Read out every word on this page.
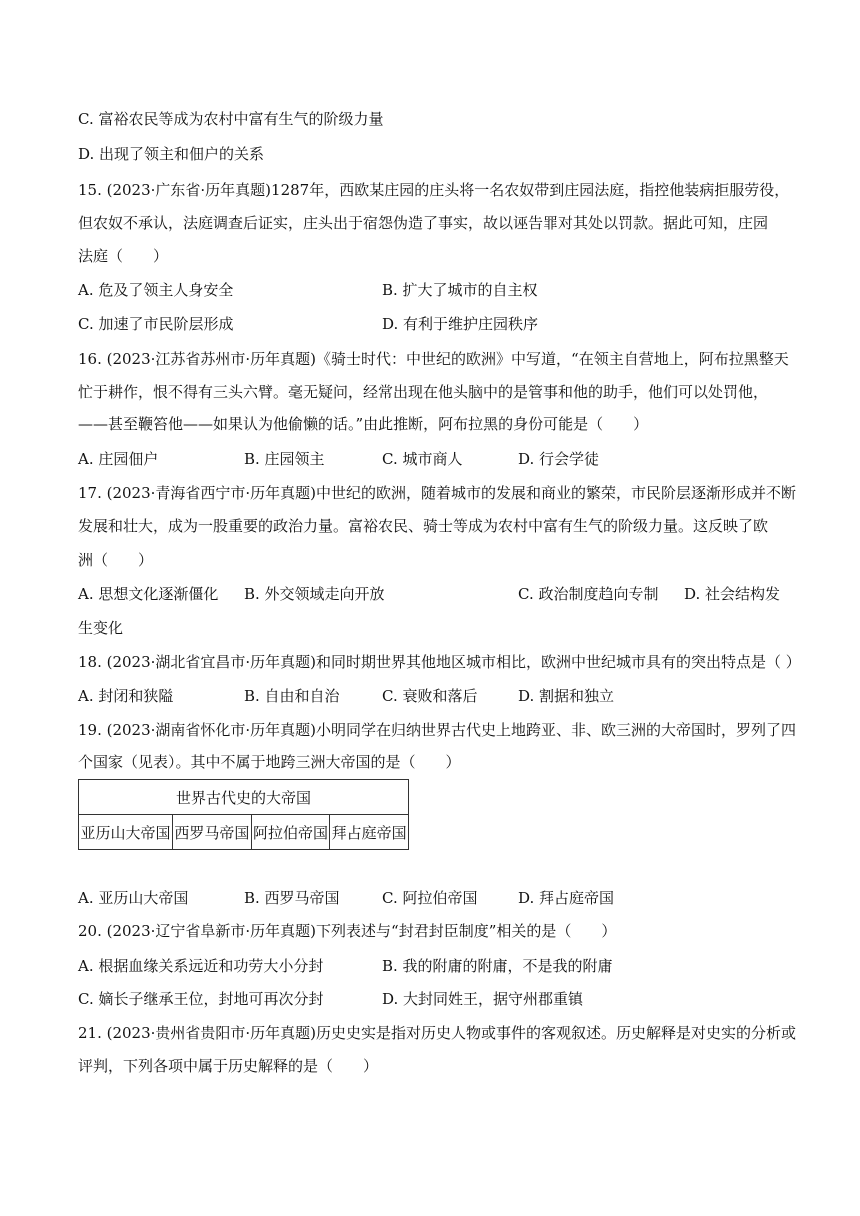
C. 富裕农民等成为农村中富有生气的阶级力量
D. 出现了领主和佃户的关系
15. (2023·广东省·历年真题)1287年，西欧某庄园的庄头将一名农奴带到庄园法庭，指控他装病拒服劳役，
但农奴不承认，法庭调查后证实，庄头出于宿怨伪造了事实，故以诬告罪对其处以罚款。据此可知，庄园
法庭（　　）
A. 危及了领主人身安全	B. 扩大了城市的自主权
C. 加速了市民阶层形成	D. 有利于维护庄园秩序
16. (2023·江苏省苏州市·历年真题)《骑士时代：中世纪的欧洲》中写道，“在领主自营地上，阿布拉黑整天
忙于耕作，恨不得有三头六臂。毫无疑问，经常出现在他头脑中的是管事和他的助手，他们可以处罚他，
——甚至鞭笞他——如果认为他偷懒的话。”由此推断，阿布拉黑的身份可能是（　　）
A. 庄园佃户	B. 庄园领主	C. 城市商人	D. 行会学徒
17. (2023·青海省西宁市·历年真题)中世纪的欧洲，随着城市的发展和商业的繁荣，市民阶层逐渐形成并不断
发展和壮大，成为一股重要的政治力量。富裕农民、骑士等成为农村中富有生气的阶级力量。这反映了欧
洲（　　）
A. 思想文化逐渐僵化 B. 外交领域走向开放	C. 政治制度趋向专制 D. 社会结构发
生变化
18. (2023·湖北省宜昌市·历年真题)和同时期世界其他地区城市相比，欧洲中世纪城市具有的突出特点是（ ）
A. 封闭和狭隘	B. 自由和自治	C. 衰败和落后	D. 割据和独立
19. (2023·湖南省怀化市·历年真题)小明同学在归纳世界古代史上地跨亚、非、欧三洲的大帝国时，罗列了四
个国家（见表）。其中不属于地跨三洲大帝国的是（　　）
世界古代史的大帝国
亚历山大帝国	西罗马帝国	阿拉伯帝国	拜占庭帝国
A. 亚历山大帝国	B. 西罗马帝国	C. 阿拉伯帝国	D. 拜占庭帝国
20. (2023·辽宁省阜新市·历年真题)下列表述与“封君封臣制度”相关的是（　　）
A. 根据血缘关系远近和功劳大小分封	B. 我的附庸的附庸，不是我的附庸
C. 嫡长子继承王位，封地可再次分封	D. 大封同姓王，据守州郡重镇
21. (2023·贵州省贵阳市·历年真题)历史史实是指对历史人物或事件的客观叙述。历史解释是对史实的分析或
评判，下列各项中属于历史解释的是（　　）
